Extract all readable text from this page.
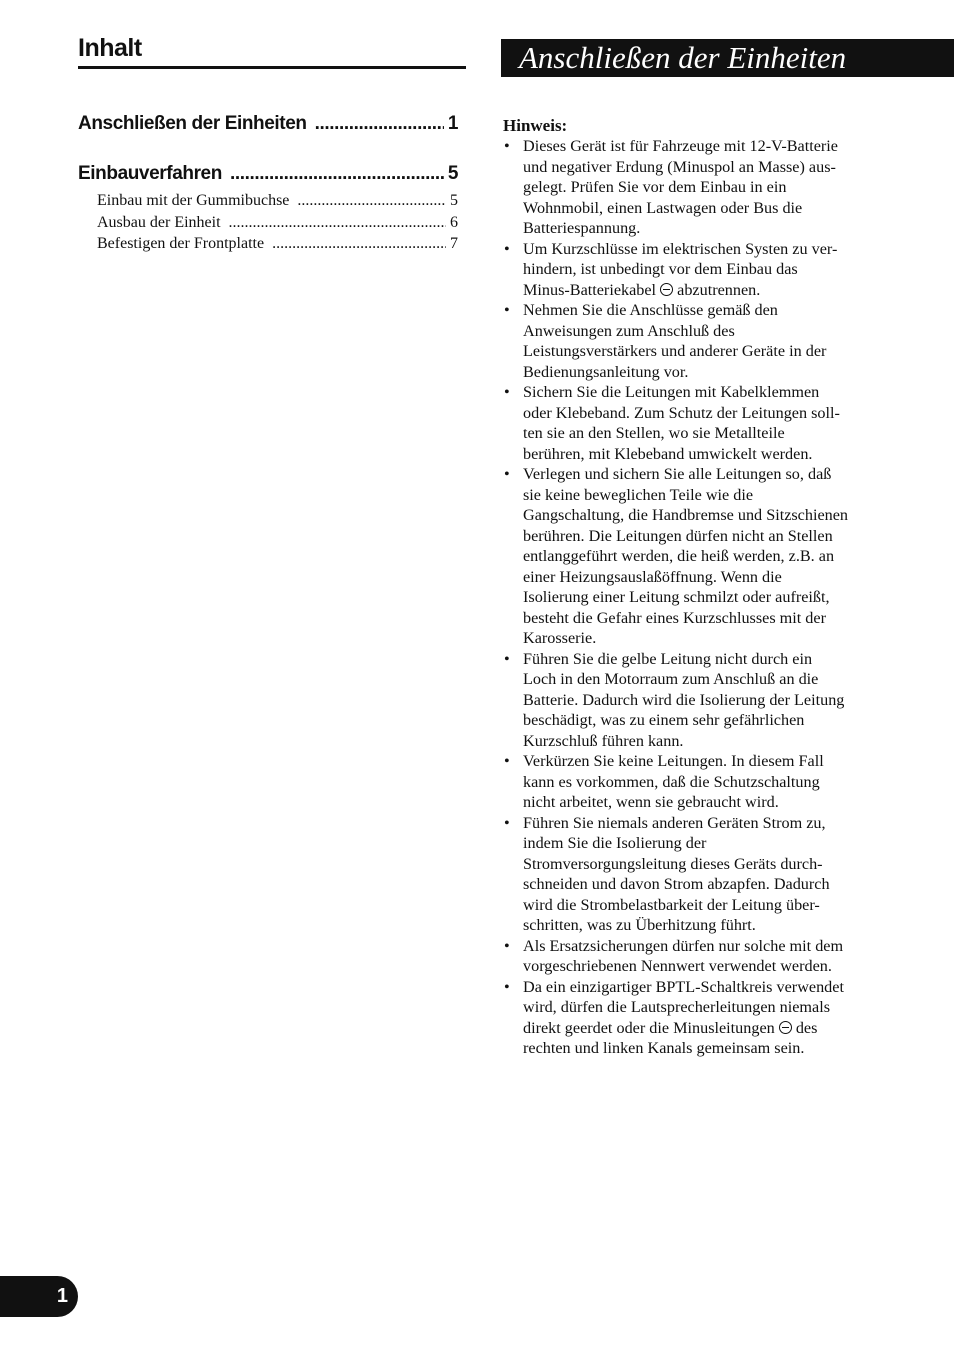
Inhalt
Anschließen der Einheiten .....	1
Einbauverfahren .....	5
Einbau mit der Gummibuchse .....	5
Ausbau der Einheit .....	6
Befestigen der Frontplatte .....	7
Anschließen der Einheiten
Hinweis:
• Dieses Gerät ist für Fahrzeuge mit 12-V-Batterie
und negativer Erdung (Minuspol an Masse) aus-
gelegt. Prüfen Sie vor dem Einbau in ein
Wohnmobil, einen Lastwagen oder Bus die
Batteriespannung.
• Um Kurzschlüsse im elektrischen Systen zu ver-
hindern, ist unbedingt vor dem Einbau das
Minus-Batteriekabel abzutrennen.
• Nehmen Sie die Anschlüsse gemäß den
Anweisungen zum Anschluß des
Leistungsverstärkers und anderer Geräte in der
Bedienungsanleitung vor.
• Sichern Sie die Leitungen mit Kabelklemmen
oder Klebeband. Zum Schutz der Leitungen soll-
ten sie an den Stellen, wo sie Metallteile
berühren, mit Klebeband umwickelt werden.
• Verlegen und sichern Sie alle Leitungen so, daß
sie keine beweglichen Teile wie die
Gangschaltung, die Handbremse und Sitzschienen
berühren. Die Leitungen dürfen nicht an Stellen
entlanggeführt werden, die heiß werden, z.B. an
einer Heizungsauslaßöffnung. Wenn die
Isolierung einer Leitung schmilzt oder aufreißt,
besteht die Gefahr eines Kurzschlusses mit der
Karosserie.
• Führen Sie die gelbe Leitung nicht durch ein
Loch in den Motorraum zum Anschluß an die
Batterie. Dadurch wird die Isolierung der Leitung
beschädigt, was zu einem sehr gefährlichen
Kurzschluß führen kann.
• Verkürzen Sie keine Leitungen. In diesem Fall
kann es vorkommen, daß die Schutzschaltung
nicht arbeitet, wenn sie gebraucht wird.
• Führen Sie niemals anderen Geräten Strom zu,
indem Sie die Isolierung der
Stromversorgungsleitung dieses Geräts durch-
schneiden und davon Strom abzapfen. Dadurch
wird die Strombelastbarkeit der Leitung über-
schritten, was zu Überhitzung führt.
• Als Ersatzsicherungen dürfen nur solche mit dem
vorgeschriebenen Nennwert verwendet werden.
• Da ein einzigartiger BPTL-Schaltkreis verwendet
wird, dürfen die Lautsprecherleitungen niemals
direkt geerdet oder die Minusleitungen des
rechten und linken Kanals gemeinsam sein.
1
